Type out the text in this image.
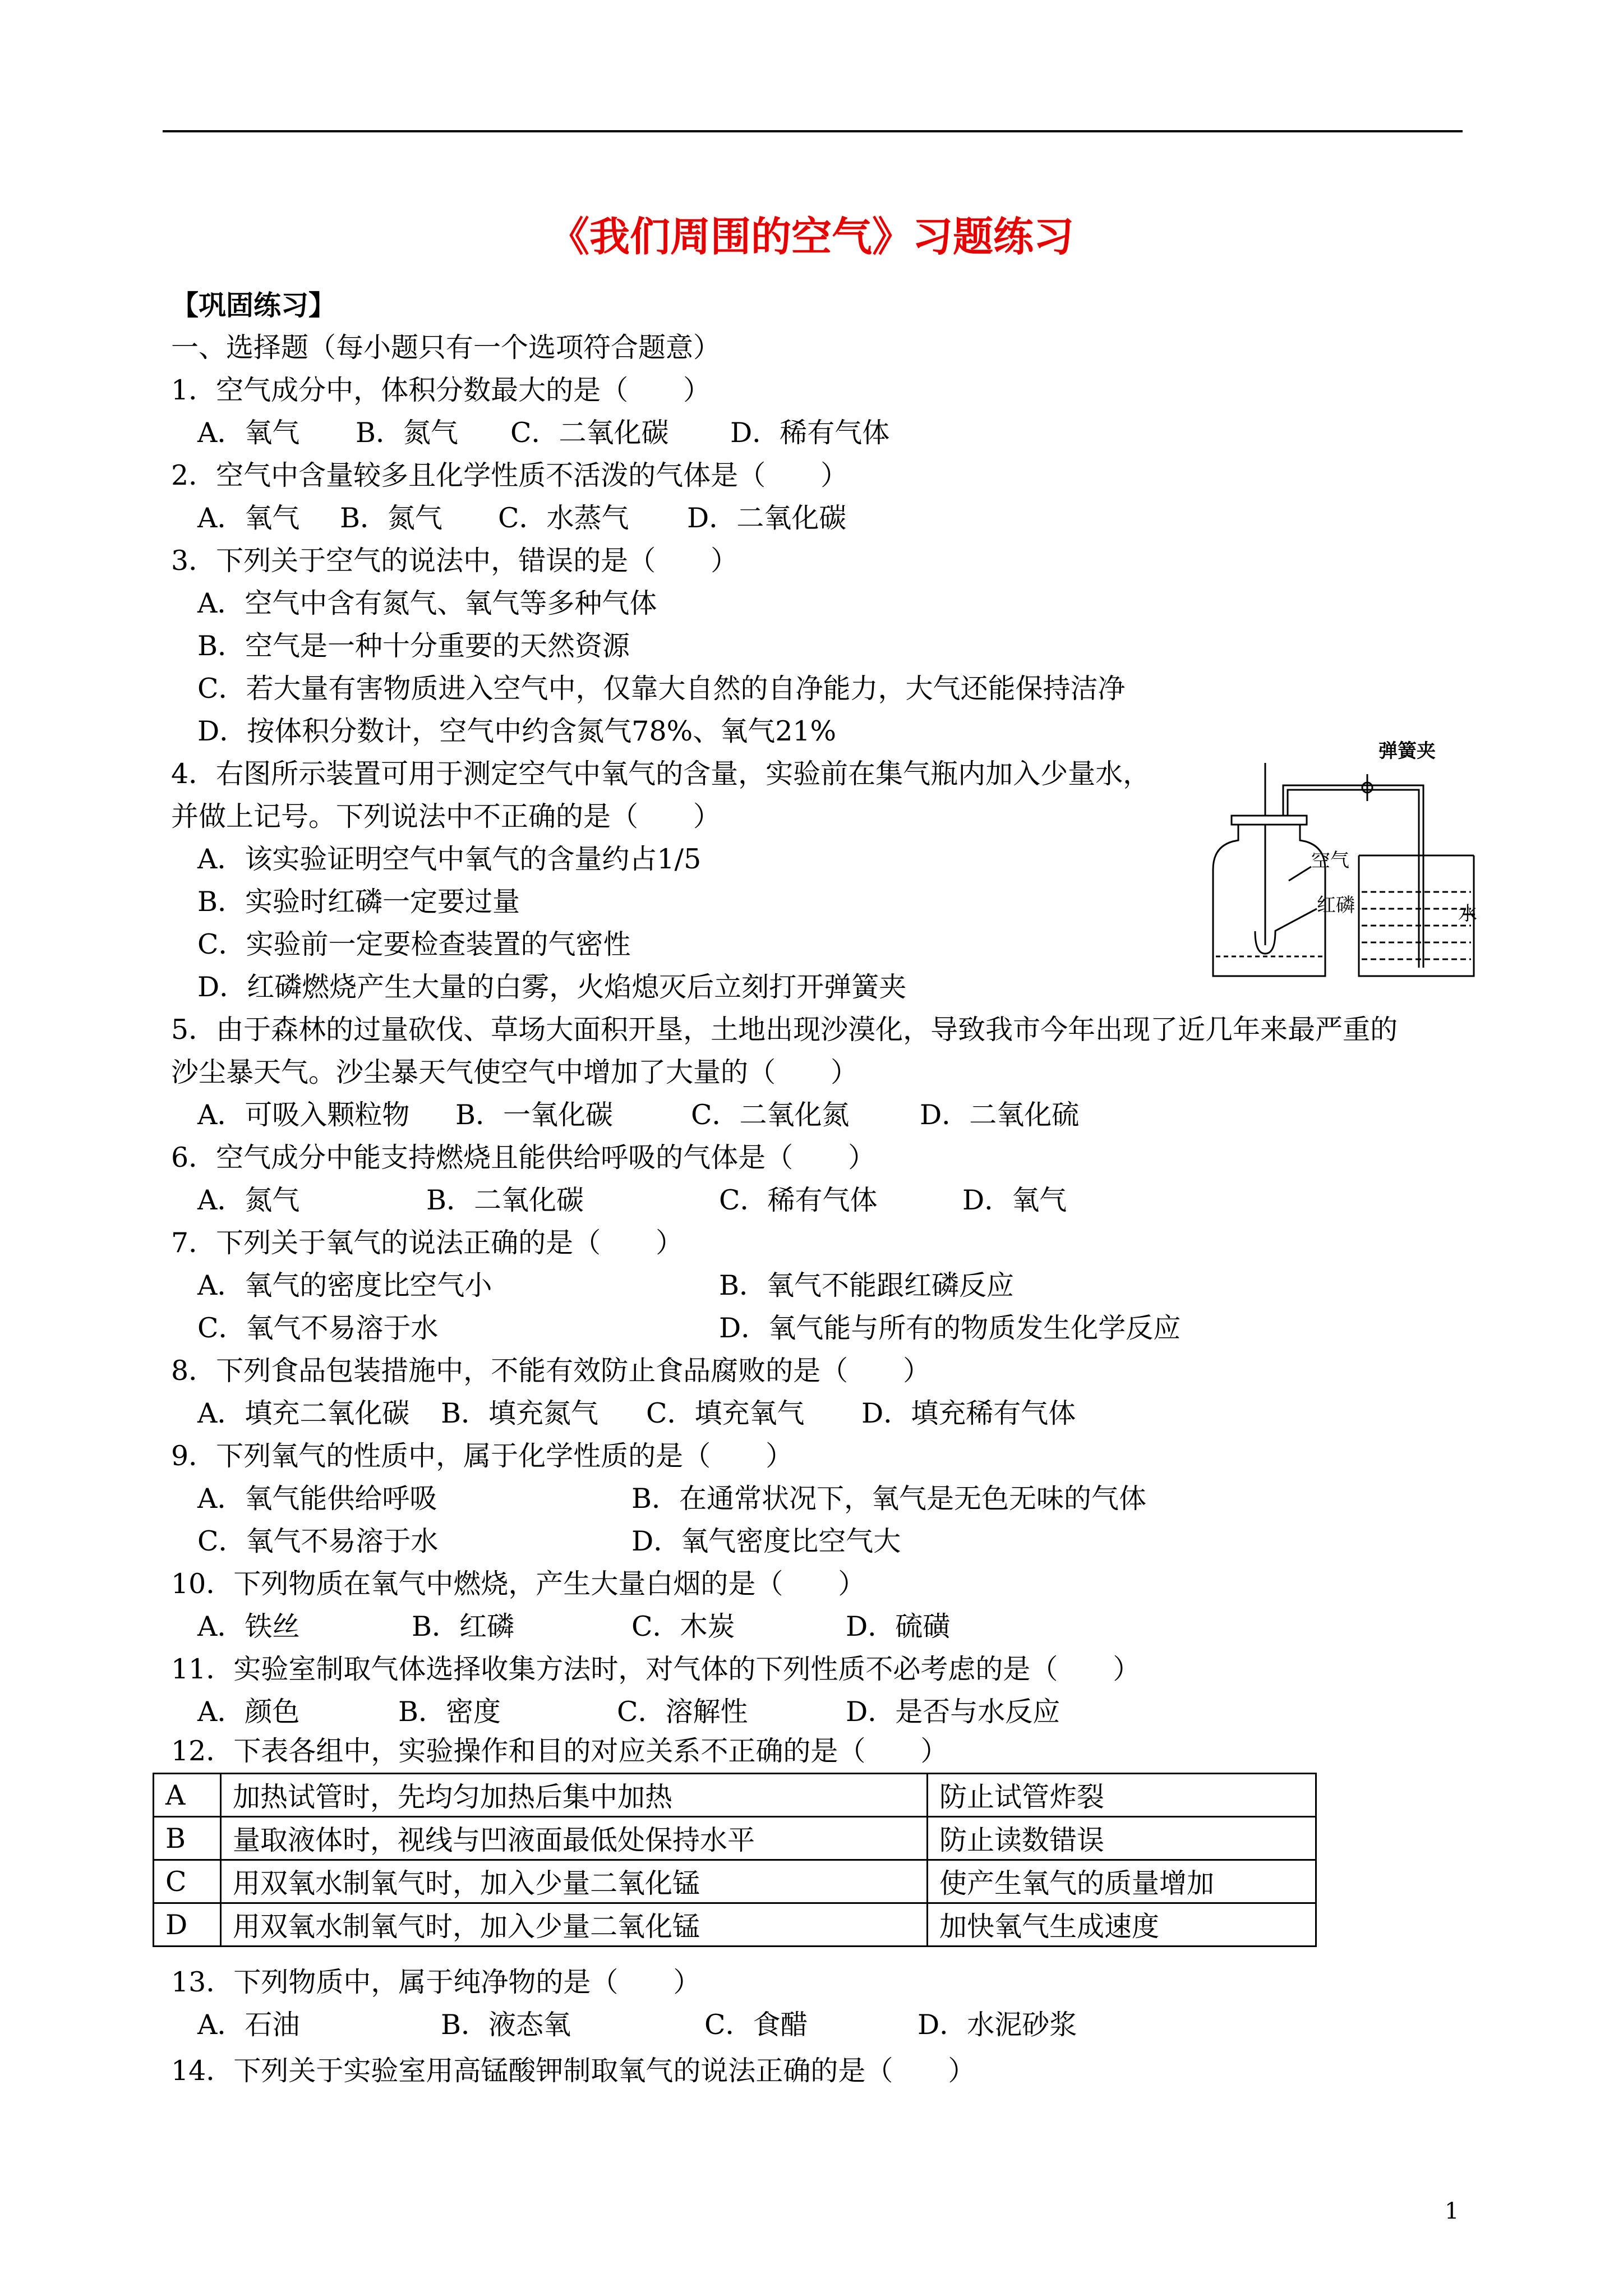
《我们周围的空气》习题练习
【巩固练习】
一、选择题（每小题只有一个选项符合题意）
1．空气成分中，体积分数最大的是（　　）
A．氧气 B．氮气 C．二氧化碳 D．稀有气体
2．空气中含量较多且化学性质不活泼的气体是（　　）
A．氧气 B．氮气 C．水蒸气 D．二氧化碳
3．下列关于空气的说法中，错误的是（　　）
A．空气中含有氮气、氧气等多种气体
B．空气是一种十分重要的天然资源
C．若大量有害物质进入空气中，仅靠大自然的自净能力，大气还能保持洁净
D．按体积分数计，空气中约含氮气78%、氧气21%
4．右图所示装置可用于测定空气中氧气的含量，实验前在集气瓶内加入少量水，
并做上记号。下列说法中不正确的是（　　）
A．该实验证明空气中氧气的含量约占1/5
B．实验时红磷一定要过量
C．实验前一定要检查装置的气密性
D．红磷燃烧产生大量的白雾，火焰熄灭后立刻打开弹簧夹
弹簧夹
空气
红磷	水
5．由于森林的过量砍伐、草场大面积开垦，土地出现沙漠化，导致我市今年出现了近几年来最严重的
沙尘暴天气。沙尘暴天气使空气中增加了大量的（　　）
A．可吸入颗粒物 B．一氧化碳	C．二氧化氮	D．二氧化硫
6．空气成分中能支持燃烧且能供给呼吸的气体是（　　）
A．氮气	B．二氧化碳	C．稀有气体	D．氧气
7．下列关于氧气的说法正确的是（　　）
A．氧气的密度比空气小	B．氧气不能跟红磷反应
C．氧气不易溶于水	D．氧气能与所有的物质发生化学反应
8．下列食品包装措施中，不能有效防止食品腐败的是（　　）
A．填充二氧化碳 B．填充氮气 C．填充氧气 D．填充稀有气体
9．下列氧气的性质中，属于化学性质的是（　　）
A．氧气能供给呼吸	B．在通常状况下，氧气是无色无味的气体
C．氧气不易溶于水	D．氧气密度比空气大
10．下列物质在氧气中燃烧，产生大量白烟的是（　　）
A．铁丝	B．红磷	C．木炭	D．硫磺
11．实验室制取气体选择收集方法时，对气体的下列性质不必考虑的是（　　）
A．颜色	B．密度	C．溶解性	D．是否与水反应
12．下表各组中，实验操作和目的对应关系不正确的是（　　）
A	加热试管时，先均匀加热后集中加热	防止试管炸裂
B	量取液体时，视线与凹液面最低处保持水平	防止读数错误
C	用双氧水制氧气时，加入少量二氧化锰	使产生氧气的质量增加
D	用双氧水制氧气时，加入少量二氧化锰	加快氧气生成速度
13．下列物质中，属于纯净物的是（　　）
A．石油	B．液态氧	C．食醋	D．水泥砂浆
14．下列关于实验室用高锰酸钾制取氧气的说法正确的是（　　）
1
